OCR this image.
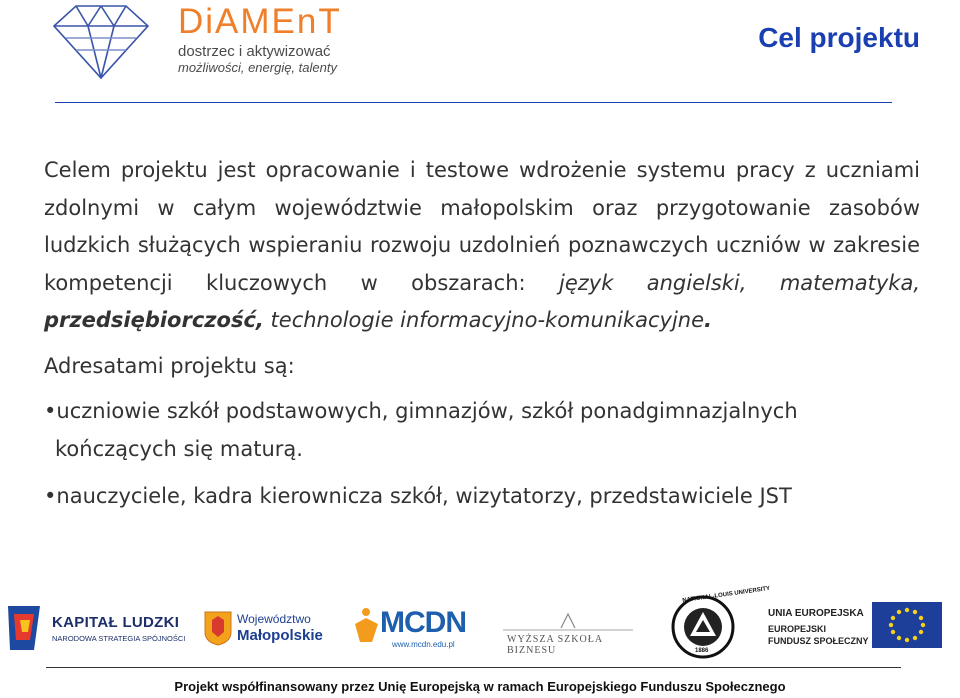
DiAMEnT
dostrzec i aktywizować
możliwości, energię, talenty
Cel projektu

Celem projektu jest opracowanie i testowe wdrożenie systemu pracy z uczniami zdolnymi w całym województwie małopolskim oraz przygotowanie zasobów ludzkich służących wspieraniu rozwoju uzdolnień poznawczych uczniów w zakresie kompetencji kluczowych w obszarach: język angielski, matematyka, przedsiębiorczość, technologie informacyjno-komunikacyjne.

Adresatami projektu są:

•uczniowie szkół podstawowych, gimnazjów, szkół ponadgimnazjalnych kończących się maturą.

•nauczyciele, kadra kierownicza szkół, wizytatorzy, przedstawiciele JST

KAPITAŁ LUDZKI
NARODOWA STRATEGIA SPÓJNOŚCI
Województwo
Małopolskie MCDN
www.mcdn.edu.pl	WYŻSZA SZKOŁA BIZNESU
NATIONAL-LOUIS UNIVERSITY
1886
UNIA EUROPEJSKA
EUROPEJSKI
FUNDUSZ SPOŁECZNY
Projekt współfinansowany przez Unię Europejską w ramach Europejskiego Funduszu Społecznego
